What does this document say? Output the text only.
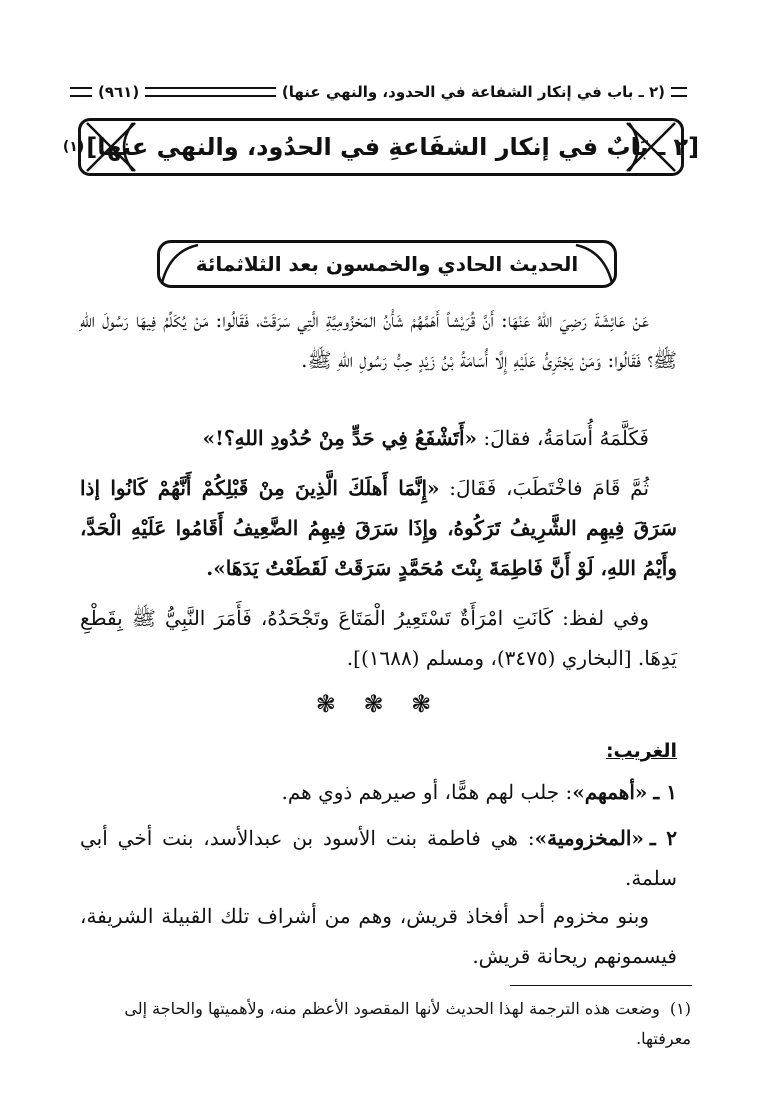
(٢ ـ باب في إنكار الشفاعة في الحدود، والنهي عنها)
(٩٦١)
[٢ ـ بَابٌ في إنكار الشفَاعةِ في الحدُود، والنهي عنها]
(١)
الحديث الحادي والخمسون بعد الثلاثمائة
عَنْ عَائِشَةَ رَضِيَ اللهُ عَنْهَا: أَنَّ قُرَيْشاً أَهَمَّهُمْ شَأْنُ المَخزُومِيَّةِ الَّتِي سَرَقَتْ، فَقَالُوا: مَنْ يُكَلِّمُ فِيهَا رَسُولَ اللهِ ﷺ؟ فَقَالُوا: وَمَنْ يَجْتَرِئُ عَلَيْهِ إِلَّا أُسَامَةُ بْنُ زَيْدٍ حِبُّ رَسُولِ اللهِ ﷺ.
فَكَلَّمَهُ أُسَامَةُ، فقالَ: «أَتَشْفَعُ فِي حَدٍّ مِنْ حُدُودِ اللهِ؟!»
ثُمَّ قَامَ فاخْتَطَبَ، فَقَالَ: «إِنَّمَا أَهلَكَ الَّذِينَ مِنْ قَبْلِكُمْ أَنَّهُمْ كَانُوا إذا سَرَقَ فِيهِم الشَّرِيفُ تَرَكُوهُ، وإِذَا سَرَقَ فِيهِمُ الضَّعِيفُ أَقَامُوا عَلَيْهِ الْحَدَّ، وأَيْمُ اللهِ، لَوْ أَنَّ فَاطِمَةَ بِنْتَ مُحَمَّدٍ سَرَقَتْ لَقَطَعْتُ يَدَهَا».
وفي لفظ: كَانَتِ امْرَأَةٌ تَسْتَعِيرُ الْمَتَاعَ وتَجْحَدُهُ، فَأَمَرَ النَّبِيُّ ﷺ بِقَطْعِ يَدِهَا. [البخاري (٣٤٧٥)، ومسلم (١٦٨٨)].
❃ ❃ ❃
الغريب:
١ ـ«أهمهم»: جلب لهم همًّا، أو صيرهم ذوي هم.
٢ ـ«المخزومية»: هي فاطمة بنت الأسود بن عبدالأسد، بنت أخي أبي سلمة.
وبنو مخزوم أحد أفخاذ قريش، وهم من أشراف تلك القبيلة الشريفة، فيسمونهم ريحانة قريش.
(١)وضعت هذه الترجمة لهذا الحديث لأنها المقصود الأعظم منه، ولأهميتها والحاجة إلى معرفتها.
